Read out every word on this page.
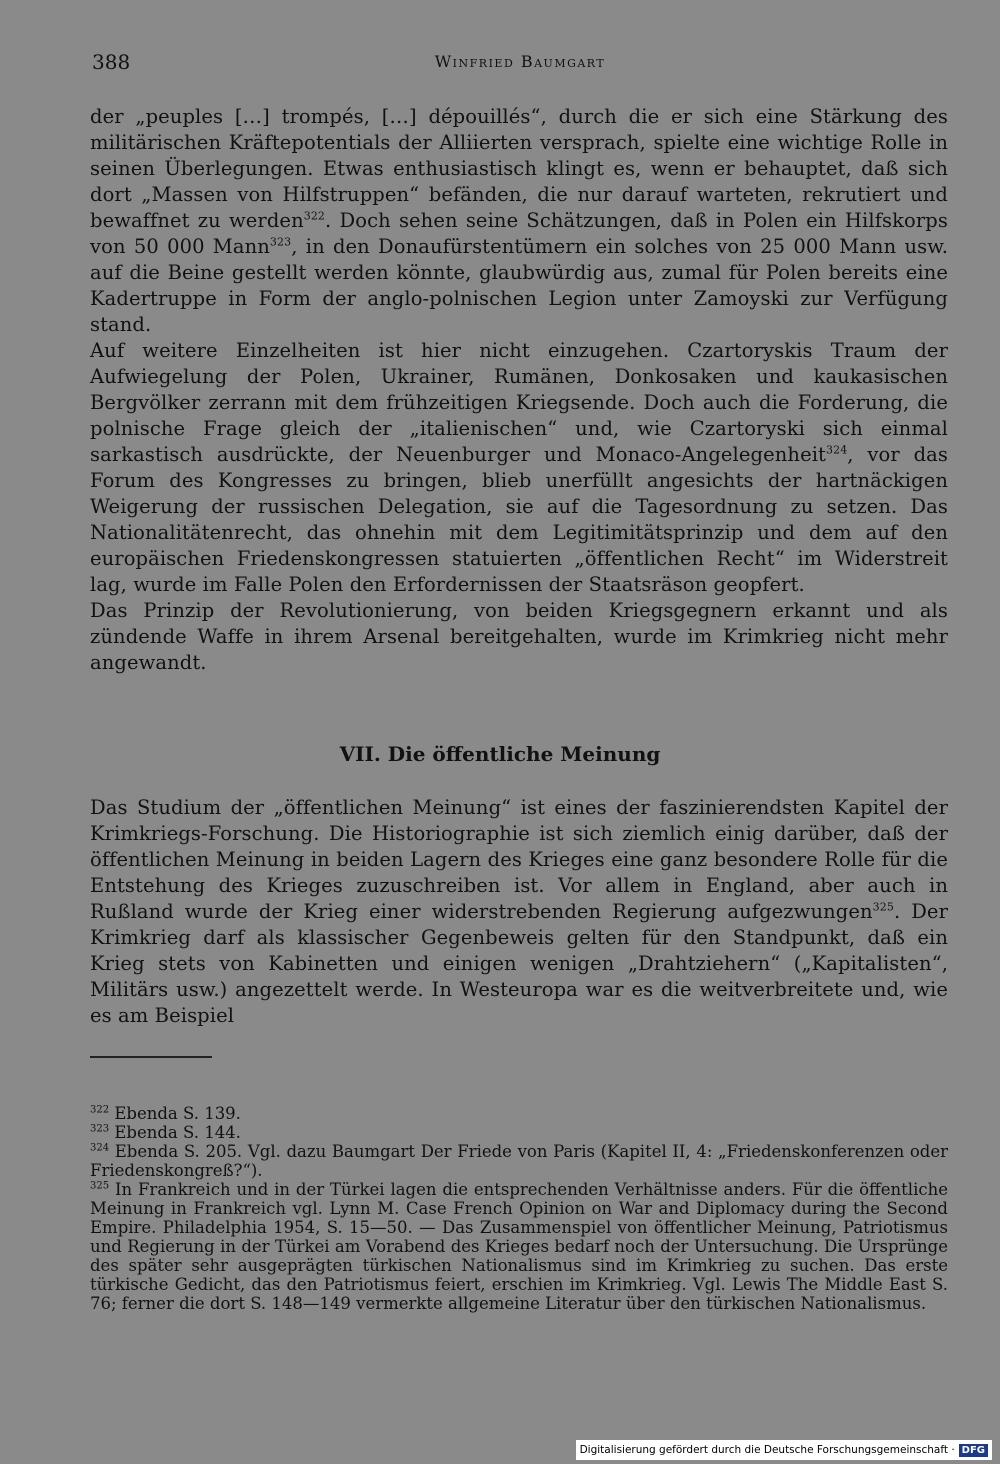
388	Winfried Baumgart

der „peuples […] trompés, […] dépouillés“, durch die er sich eine Stärkung des militärischen Kräftepotentials der Alliierten versprach, spielte eine wichtige Rolle in seinen Überlegungen. Etwas enthusiastisch klingt es, wenn er behauptet, daß sich dort „Massen von Hilfstruppen“ befänden, die nur darauf warteten, rekrutiert und bewaffnet zu werden$^{322}$. Doch sehen seine Schätzungen, daß in Polen ein Hilfskorps von 50 000 Mann$^{323}$, in den Donaufürstentümern ein solches von 25 000 Mann usw. auf die Beine gestellt werden könnte, glaubwürdig aus, zumal für Polen bereits eine Kadertruppe in Form der anglo-polnischen Legion unter Zamoyski zur Verfügung stand.

Auf weitere Einzelheiten ist hier nicht einzugehen. Czartoryskis Traum der Aufwiegelung der Polen, Ukrainer, Rumänen, Donkosaken und kaukasischen Bergvölker zerrann mit dem frühzeitigen Kriegsende. Doch auch die Forderung, die polnische Frage gleich der „italienischen“ und, wie Czartoryski sich einmal sarkastisch ausdrückte, der Neuenburger und Monaco-Angelegenheit$^{324}$, vor das Forum des Kongresses zu bringen, blieb unerfüllt angesichts der hartnäckigen Weigerung der russischen Delegation, sie auf die Tagesordnung zu setzen. Das Nationalitätenrecht, das ohnehin mit dem Legitimitätsprinzip und dem auf den europäischen Friedenskongressen statuierten „öffentlichen Recht“ im Widerstreit lag, wurde im Falle Polen den Erfordernissen der Staatsräson geopfert.

Das Prinzip der Revolutionierung, von beiden Kriegsgegnern erkannt und als zündende Waffe in ihrem Arsenal bereitgehalten, wurde im Krimkrieg nicht mehr angewandt.

VII. Die öffentliche Meinung

Das Studium der „öffentlichen Meinung“ ist eines der faszinierendsten Kapitel der Krimkriegs-Forschung. Die Historiographie ist sich ziemlich einig darüber, daß der öffentlichen Meinung in beiden Lagern des Krieges eine ganz besondere Rolle für die Entstehung des Krieges zuzuschreiben ist. Vor allem in England, aber auch in Rußland wurde der Krieg einer widerstrebenden Regierung aufgezwungen$^{325}$. Der Krimkrieg darf als klassischer Gegenbeweis gelten für den Standpunkt, daß ein Krieg stets von Kabinetten und einigen wenigen „Drahtziehern“ („Kapitalisten“, Militärs usw.) angezettelt werde. In Westeuropa war es die weitverbreitete und, wie es am Beispiel

$^{322}$ Ebenda S. 139.

$^{323}$ Ebenda S. 144.

$^{324}$ Ebenda S. 205. Vgl. dazu Baumgart Der Friede von Paris (Kapitel II, 4: „Friedenskonferenzen oder Friedenskongreß?“).

$^{325}$ In Frankreich und in der Türkei lagen die entsprechenden Verhältnisse anders. Für die öffentliche Meinung in Frankreich vgl. Lynn M. Case French Opinion on War and Diplomacy during the Second Empire. Philadelphia 1954, S. 15—50. — Das Zusammenspiel von öffentlicher Meinung, Patriotismus und Regierung in der Türkei am Vorabend des Krieges bedarf noch der Untersuchung. Die Ursprünge des später sehr ausgeprägten türkischen Nationalismus sind im Krimkrieg zu suchen. Das erste türkische Gedicht, das den Patriotismus feiert, erschien im Krimkrieg. Vgl. Lewis The Middle East S. 76; ferner die dort S. 148—149 vermerkte allgemeine Literatur über den türkischen Nationalismus.

Digitalisierung gefördert durch die Deutsche Forschungsgemeinschaft · DFG
